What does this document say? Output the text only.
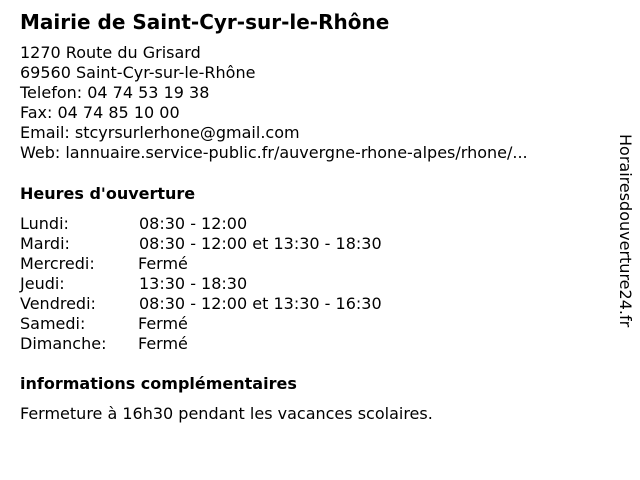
Mairie de Saint-Cyr-sur-le-Rhône
1270 Route du Grisard
69560 Saint-Cyr-sur-le-Rhône
Telefon: 04 74 53 19 38
Fax: 04 74 85 10 00
Email: stcyrsurlerhone@gmail.com
Web: lannuaire.service-public.fr/auvergne-rhone-alpes/rhone/...
Heures d'ouverture
Lundi:	08:30 - 12:00
Mardi:	08:30 - 12:00 et 13:30 - 18:30
Mercredi:	Fermé
Jeudi:	13:30 - 18:30
Vendredi:	08:30 - 12:00 et 13:30 - 16:30
Samedi:	Fermé
Dimanche: Fermé
informations complémentaires
Fermeture à 16h30 pendant les vacances scolaires.
Horairesdouverture24.fr
